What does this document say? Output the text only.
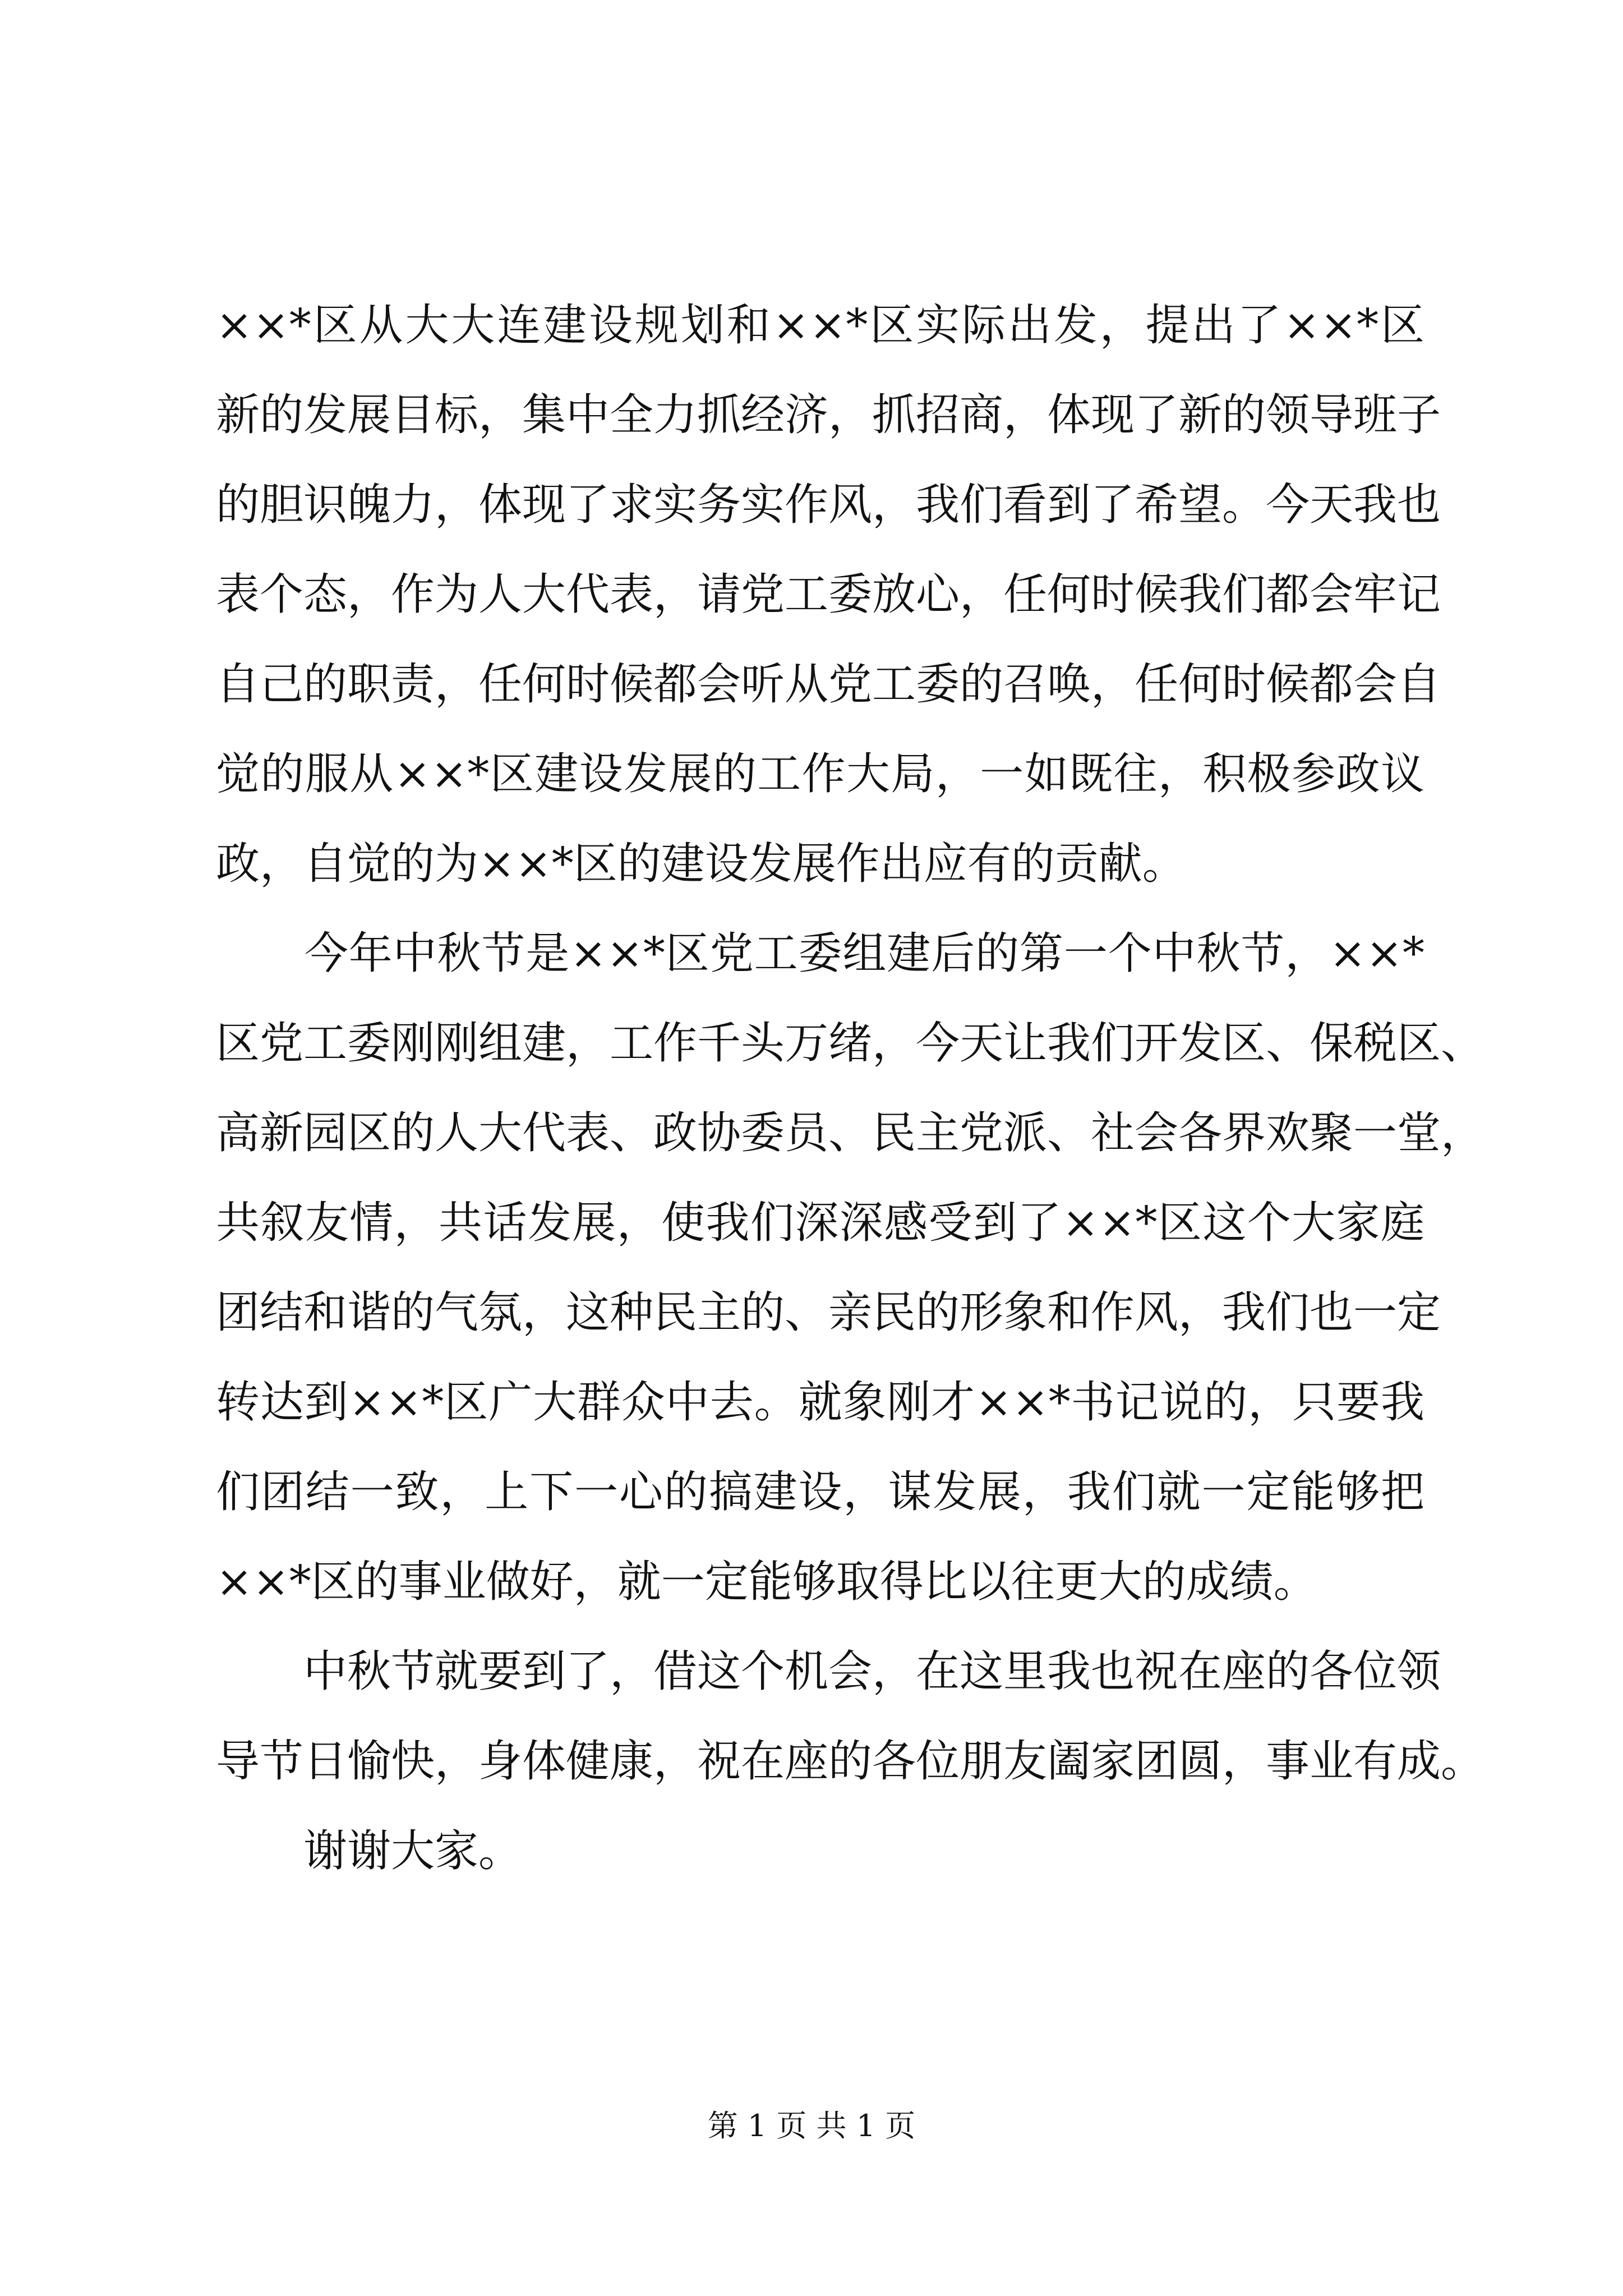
××*区从大大连建设规划和××*区实际出发，提出了××*区
新的发展目标，集中全力抓经济，抓招商，体现了新的领导班子
的胆识魄力，体现了求实务实作风，我们看到了希望。今天我也
表个态，作为人大代表，请党工委放心，任何时候我们都会牢记
自己的职责，任何时候都会听从党工委的召唤，任何时候都会自
觉的服从××*区建设发展的工作大局，一如既往，积极参政议
政，自觉的为××*区的建设发展作出应有的贡献。
　　今年中秋节是××*区党工委组建后的第一个中秋节，××*
区党工委刚刚组建，工作千头万绪，今天让我们开发区、保税区、
高新园区的人大代表、政协委员、民主党派、社会各界欢聚一堂，
共叙友情，共话发展，使我们深深感受到了××*区这个大家庭
团结和谐的气氛，这种民主的、亲民的形象和作风，我们也一定
转达到××*区广大群众中去。就象刚才××*书记说的，只要我
们团结一致，上下一心的搞建设，谋发展，我们就一定能够把
××*区的事业做好，就一定能够取得比以往更大的成绩。
　　中秋节就要到了，借这个机会，在这里我也祝在座的各位领
导节日愉快，身体健康，祝在座的各位朋友阖家团圆，事业有成。
　　谢谢大家。
第 1 页 共 1 页
